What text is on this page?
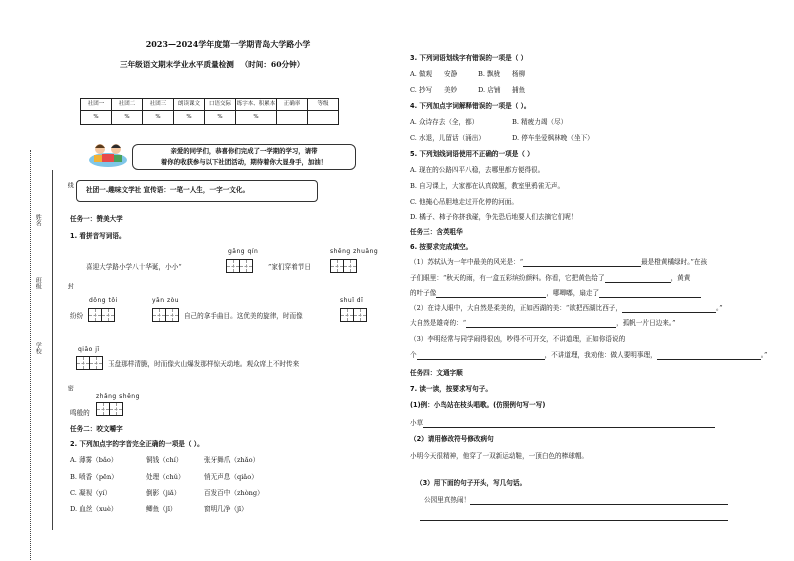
线
封
密
姓名
班级
学校
2023—2024学年度第一学期青岛大学路小学
三年级语文期末学业水平质量检测 （时间：60分钟）
社团一	社团二	社团三	朗读课文	口语交际	练字本、积累本	正确率	等级
%	%	%	%	%	%		
亲爱的同学们，恭喜你们完成了一学期的学习，请带
着你的收获参与以下社团活动，期待着你大显身手，加油！
社团一.趣味文学社 宣传语：一笔一人生，一字一文化。
任务一：赞美大学
1. 看拼音写词语。
gāng qín	shēng zhuāng
喜迎大学路小学八十华诞，小小“	”家们穿着节日
dǒng tǒi	yān zòu	shuǐ dī
纷纷	自己的拿手曲目。这优美的旋律，时而像
qiāo jī
玉盘那样清脆，时而像火山爆发那样惊天动地。观众席上不时传来
zhǎng shēng
鸣般的
任务二：咬文嚼字
2. 下列加点字的字音完全正确的一项是（ ）。
A. 薄雾（bǎo）	铜钱（chí）	张牙舞爪（zhǎo）
B. 喷香（pēn）	处理（chǔ）	悄无声息（qiǎo）
C. 凝视（yí）	倒影（jiǎ）	百发百中（zhòng）
D. 血丝（xuè）	鲫鱼（jī）	窗明几净（jī）
3. 下列词语划线字有错误的一项是（ ）
A. 做观 安静	B. 飘栊 杨柳
C. 抄写 美妙	D. 店铺 捕鱼
4. 下列加点字词解释错误的一项是（ ）。
A. 众诗存去（全，都）	B. 精疲力竭（尽）
C. 水退，儿留话（涌出）	D. 停车坐爱枫林晚（坐下）
5. 下列划线词语使用不正确的一项是（ ）
A. 现在的公路四平八稳，去哪里都方便得很。
B. 自习课上，大家都在认真做题，教室里鸦雀无声。
C. 他掩心吊胆地走过开化停的河面。
D. 橘子、柿子你挤我碰，争先恐后地要人们去摘它们呢！
任务三：含英咀华
6. 按要求完成填空。
（1）苏轼认为一年中最美的风光是：“	最是橙黄橘绿时。”在孩
子们眼里：“秋天的雨，有一盒五彩缤纷颜料。你看，它把黄色给了	，黄黄
的叶子像	，哪唧嘟，扇走了
（2）在诗人眼中，大自然是柔美的，正如西湖的美：“欲把西湖比西子，	。”
大自然是雄奇的：“	，孤帆一片日边来。”
（3）李明经常与同学闹得很凶，吵得不可开交，不讲道理，正如你语说的
个	，不讲道理，我劝他：做人要明事理，	。”
任务四：文通字顺
7. 读一读，按要求写句子。
(1)例：小鸟站在枝头唱歌。(仿照例句写一写)
小草
（2）请用修改符号修改病句
小明今天很精神，他穿了一双新运动鞋，一顶白色的棒球帽。
（3）用下面的句子开头，写几句话。
公园里真热闹！
